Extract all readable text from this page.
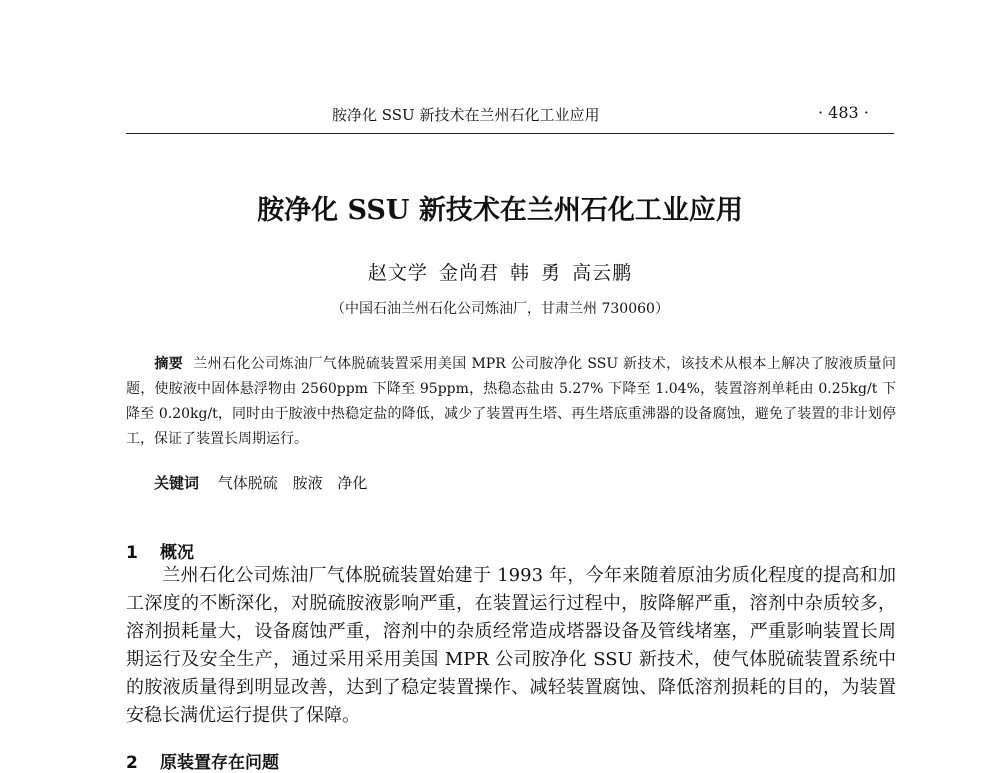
胺净化 SSU 新技术在兰州石化工业应用	· 483 ·
胺净化 SSU 新技术在兰州石化工业应用
赵文学 金尚君 韩 勇 高云鹏
（中国石油兰州石化公司炼油厂，甘肃兰州 730060）
摘要 兰州石化公司炼油厂气体脱硫装置采用美国 MPR 公司胺净化 SSU 新技术，该技术从根本上解决了胺液质量问题，使胺液中固体悬浮物由 2560ppm 下降至 95ppm，热稳态盐由 5.27% 下降至 1.04%，装置溶剂单耗由 0.25kg/t 下降至 0.20kg/t，同时由于胺液中热稳定盐的降低，减少了装置再生塔、再生塔底重沸器的设备腐蚀，避免了装置的非计划停工，保证了装置长周期运行。
关键词 气体脱硫 胺液 净化
1 概况
兰州石化公司炼油厂气体脱硫装置始建于 1993 年，今年来随着原油劣质化程度的提高和加工深度的不断深化，对脱硫胺液影响严重，在装置运行过程中，胺降解严重，溶剂中杂质较多，溶剂损耗量大，设备腐蚀严重，溶剂中的杂质经常造成塔器设备及管线堵塞，严重影响装置长周期运行及安全生产，通过采用采用美国 MPR 公司胺净化 SSU 新技术，使气体脱硫装置系统中的胺液质量得到明显改善，达到了稳定装置操作、减轻装置腐蚀、降低溶剂损耗的目的，为装置安稳长满优运行提供了保障。
2 原装置存在问题
